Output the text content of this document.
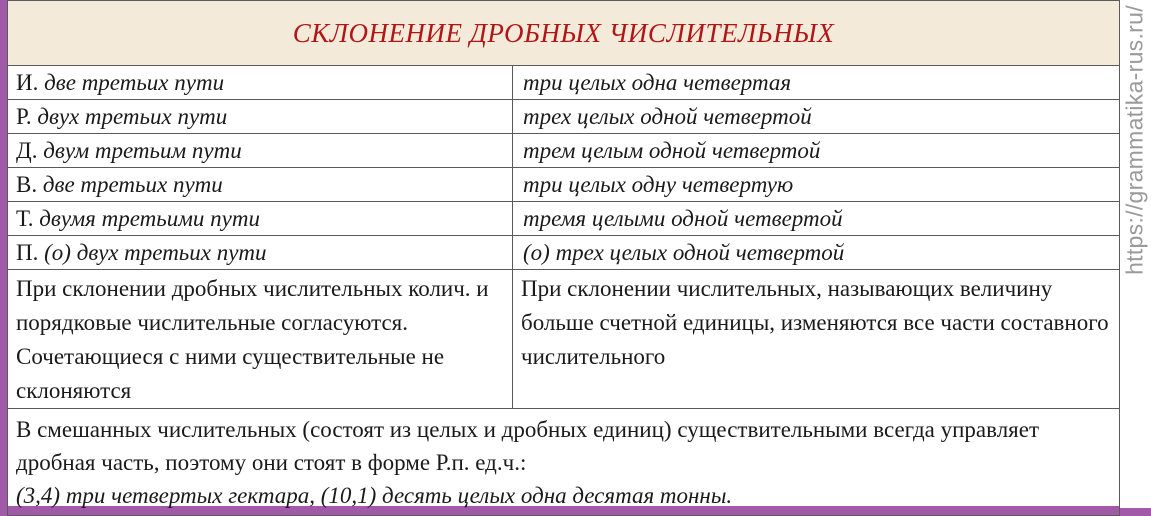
https://grammatika-rus.ru/
СКЛОНЕНИЕ ДРОБНЫХ ЧИСЛИТЕЛЬНЫХ	
И. две третьих пути	три целых одна четвертая
Р. двух третьих пути	трех целых одной четвертой
Д. двум третьим пути	трем целым одной четвертой
В. две третьих пути	три целых одну четвертую
Т. двумя третьими пути	тремя целыми одной четвертой
П. (о) двух третьих пути	(о) трех целых одной четвертой
При склонении дробных числительных колич. и порядковые числительные согласуются. Сочетающиеся с ними существительные не склоняются	При склонении числительных, называющих величину больше счетной единицы, изменяются все части составного числительного
В смешанных числительных (состоят из целых и дробных единиц) существительными всегда управляет дробная часть, поэтому они стоят в форме Р.п. ед.ч.:
(3,4) три четвертых гектара, (10,1) десять целых одна десятая тонны.	
